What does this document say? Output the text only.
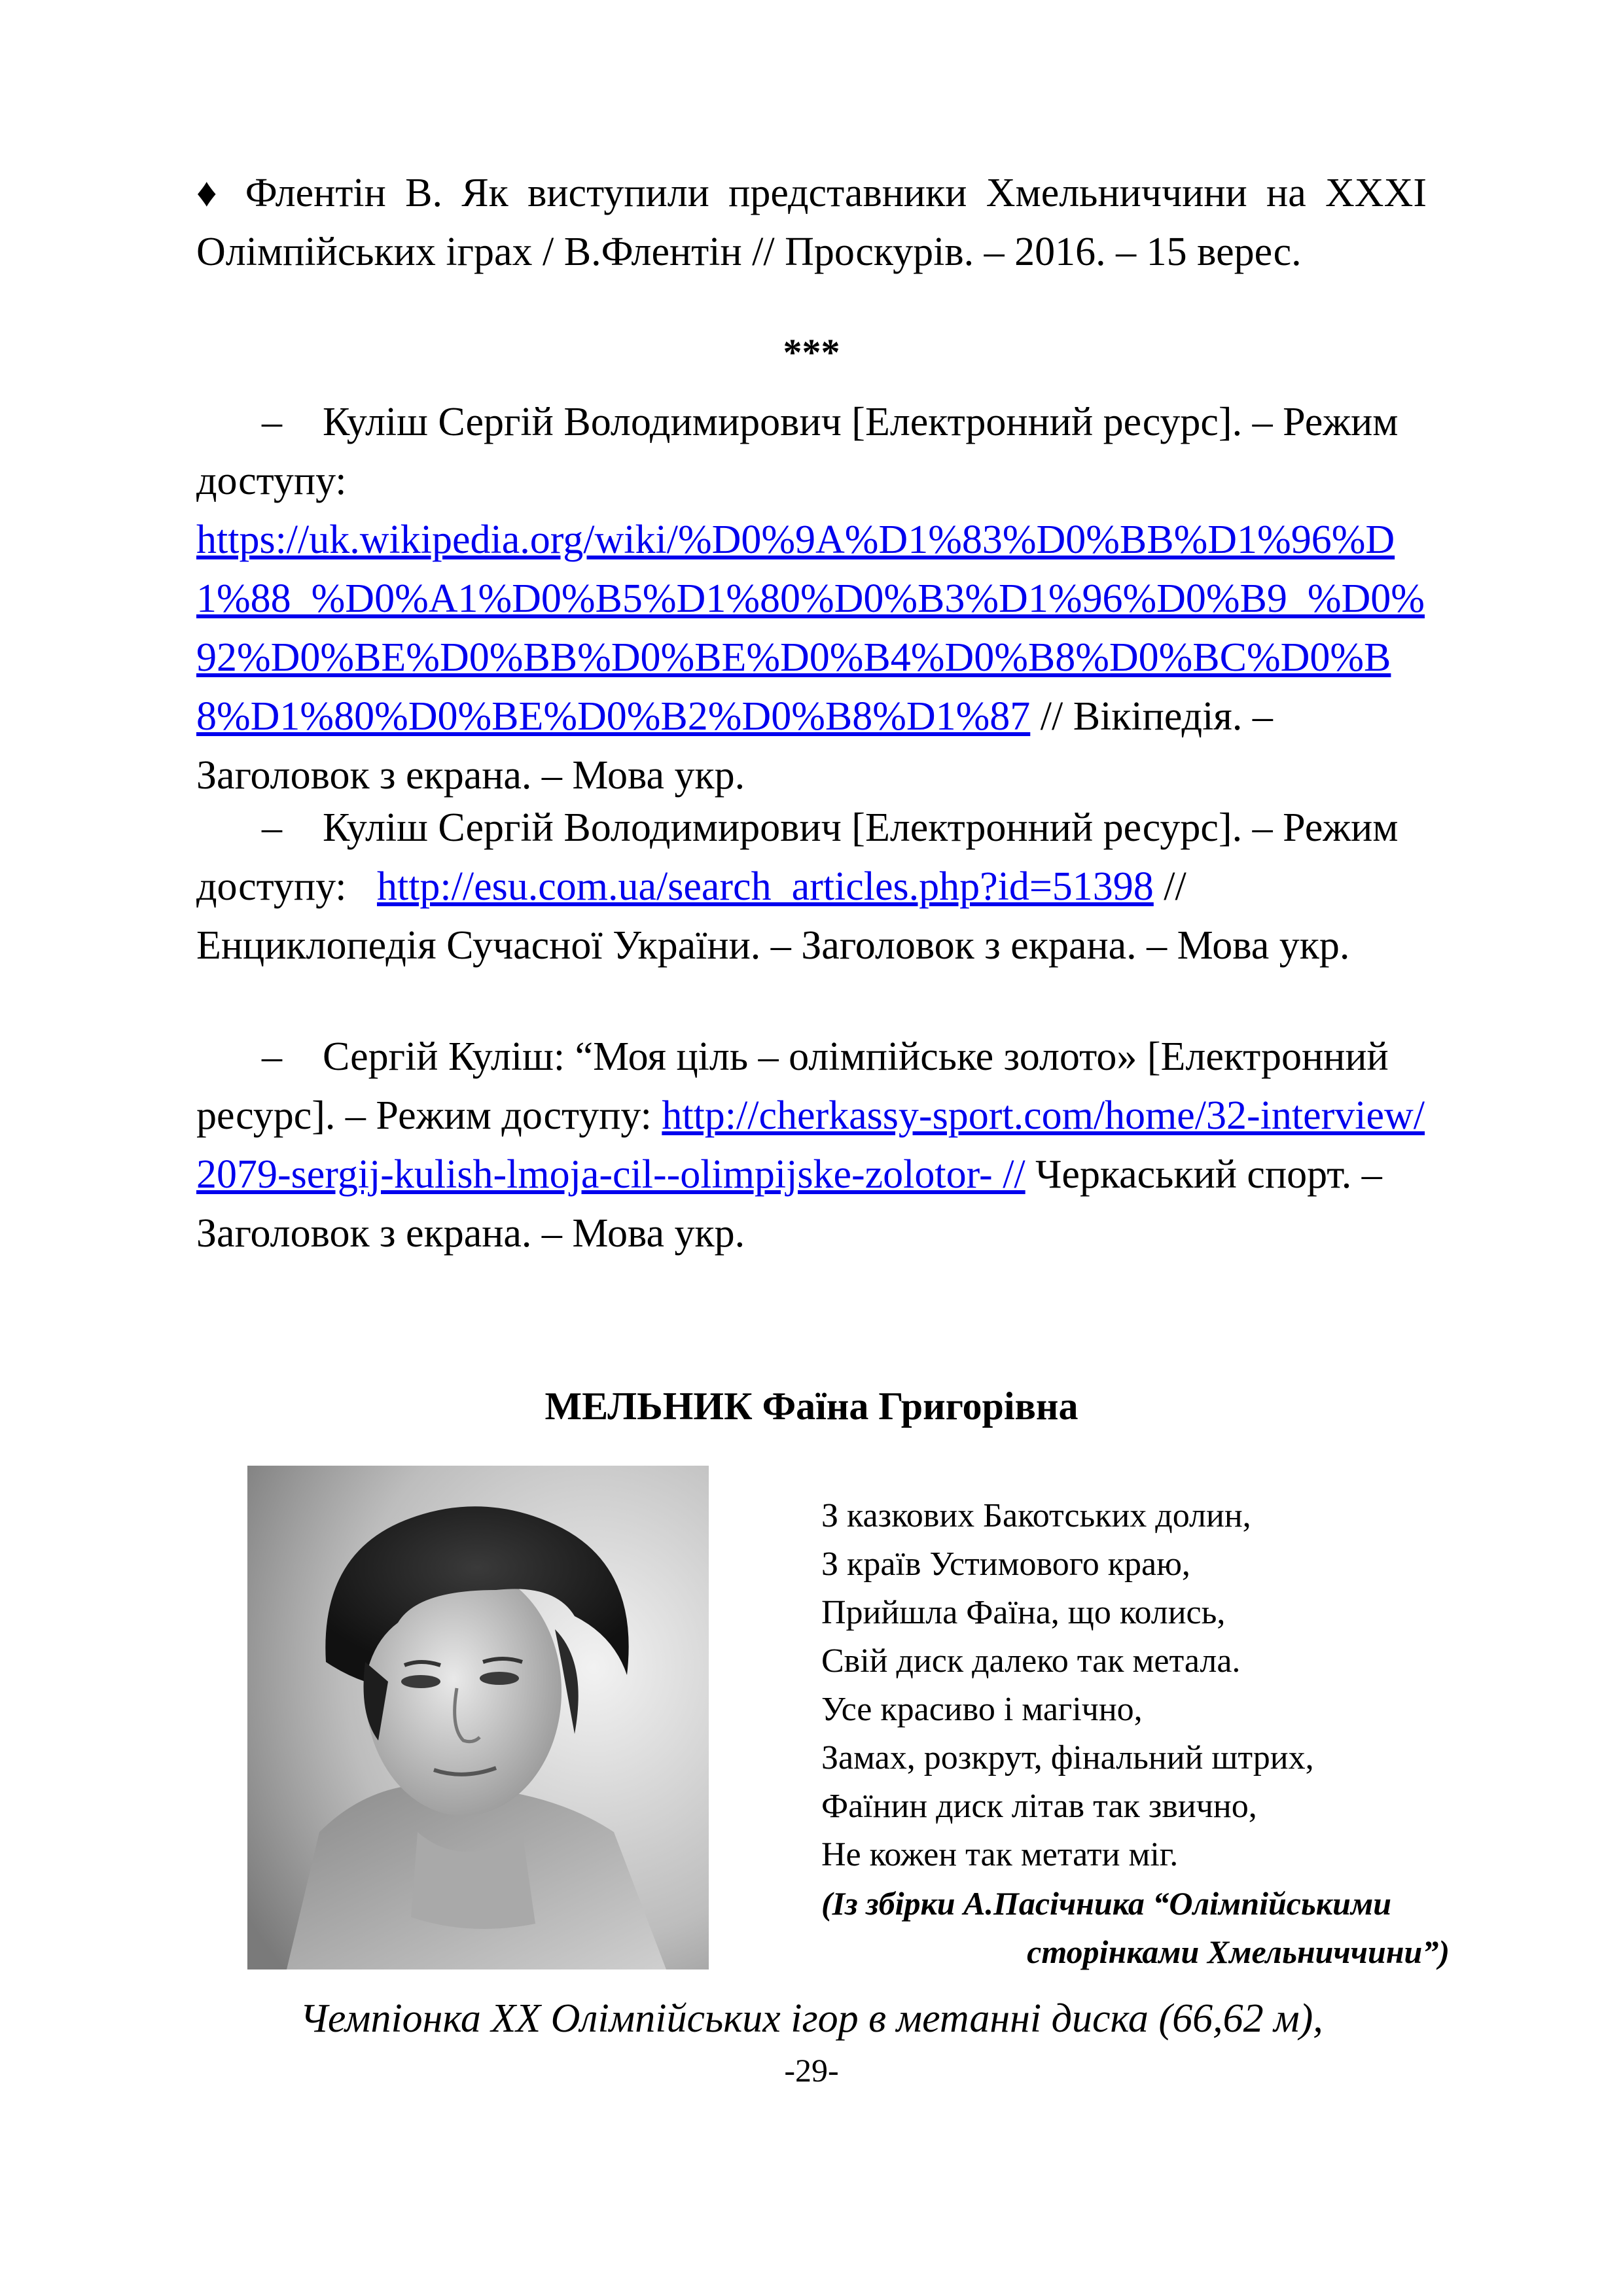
♦ Флентін В. Як виступили представники Хмельниччини на XXXI Олімпійських іграх / В.Флентін // Проскурів. – 2016. – 15 верес.
***
– Куліш Сергій Володимирович [Електронний ресурс]. – Режим доступу:
https://uk.wikipedia.org/wiki/%D0%9A%D1%83%D0%BB%D1%96%D1%88_%D0%A1%D0%B5%D1%80%D0%B3%D1%96%D0%B9_%D0%92%D0%BE%D0%BB%D0%BE%D0%B4%D0%B8%D0%BC%D0%B8%D1%80%D0%BE%D0%B2%D0%B8%D1%87 // Вікіпедія. – Заголовок з екрана. – Мова укр.
– Куліш Сергій Володимирович [Електронний ресурс]. – Режим доступу: http://esu.com.ua/search_articles.php?id=51398 // Енциклопедія Сучасної України. – Заголовок з екрана. – Мова укр.
– Сергій Куліш: “Моя ціль – олімпійське золото» [Електронний ресурс]. – Режим доступу: http://cherkassy-sport.com/home/32-interview/2079-sergij-kulish-lmoja-cil--olimpijske-zolotor- // Черкаський спорт. – Заголовок з екрана. – Мова укр.
МЕЛЬНИК Фаїна Григорівна
З казкових Бакотських долин,
З країв Устимового краю,
Прийшла Фаїна, що колись,
Свій диск далеко так метала.
Усе красиво і магічно,
Замах, розкрут, фінальний штрих,
Фаїнин диск літав так звично,
Не кожен так метати міг.
(Із збірки А.Пасічника “Олімпійськими
сторінками Хмельниччини”)
Чемпіонка XX Олімпійських ігор в метанні диска (66,62 м),
-29-
